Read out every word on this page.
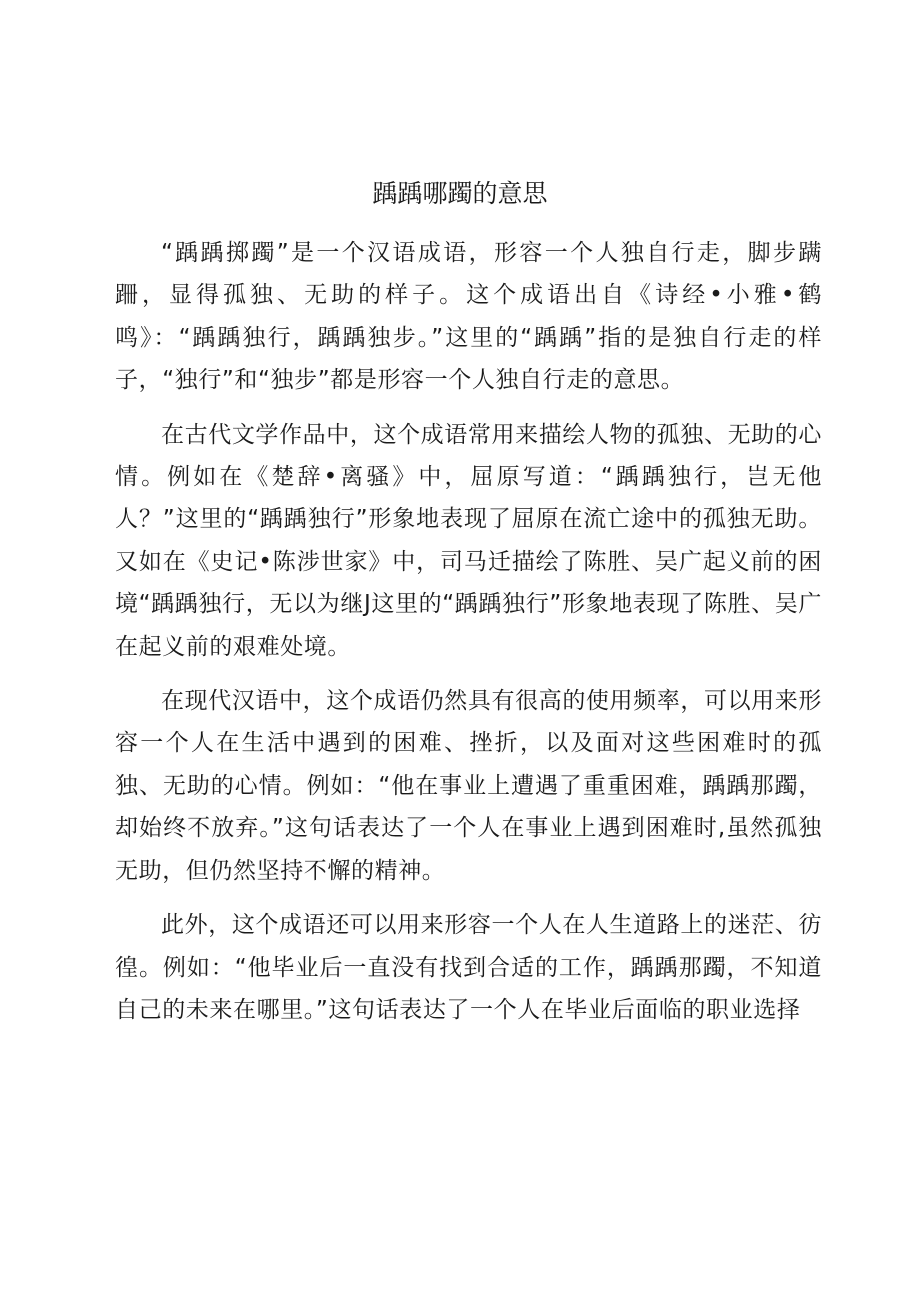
踽踽哪躅的意思

“踽踽掷躅”是一个汉语成语，形容一个人独自行走，脚步蹒跚，显得孤独、无助的样子。这个成语出自《诗经•小雅•鹤鸣》：“踽踽独行，踽踽独步。”这里的“踽踽”指的是独自行走的样子，“独行”和“独步”都是形容一个人独自行走的意思。

在古代文学作品中，这个成语常用来描绘人物的孤独、无助的心情。例如在《楚辞•离骚》中，屈原写道：“踽踽独行，岂无他人？”这里的“踽踽独行”形象地表现了屈原在流亡途中的孤独无助。又如在《史记•陈涉世家》中，司马迁描绘了陈胜、吴广起义前的困境“踽踽独行，无以为继J这里的“踽踽独行”形象地表现了陈胜、吴广在起义前的艰难处境。

在现代汉语中，这个成语仍然具有很高的使用频率，可以用来形容一个人在生活中遇到的困难、挫折，以及面对这些困难时的孤独、无助的心情。例如：“他在事业上遭遇了重重困难，踽踽那躅，却始终不放弃。”这句话表达了一个人在事业上遇到困难时,虽然孤独无助，但仍然坚持不懈的精神。

此外，这个成语还可以用来形容一个人在人生道路上的迷茫、彷徨。例如：“他毕业后一直没有找到合适的工作，踽踽那躅，不知道自己的未来在哪里。”这句话表达了一个人在毕业后面临的职业选择
